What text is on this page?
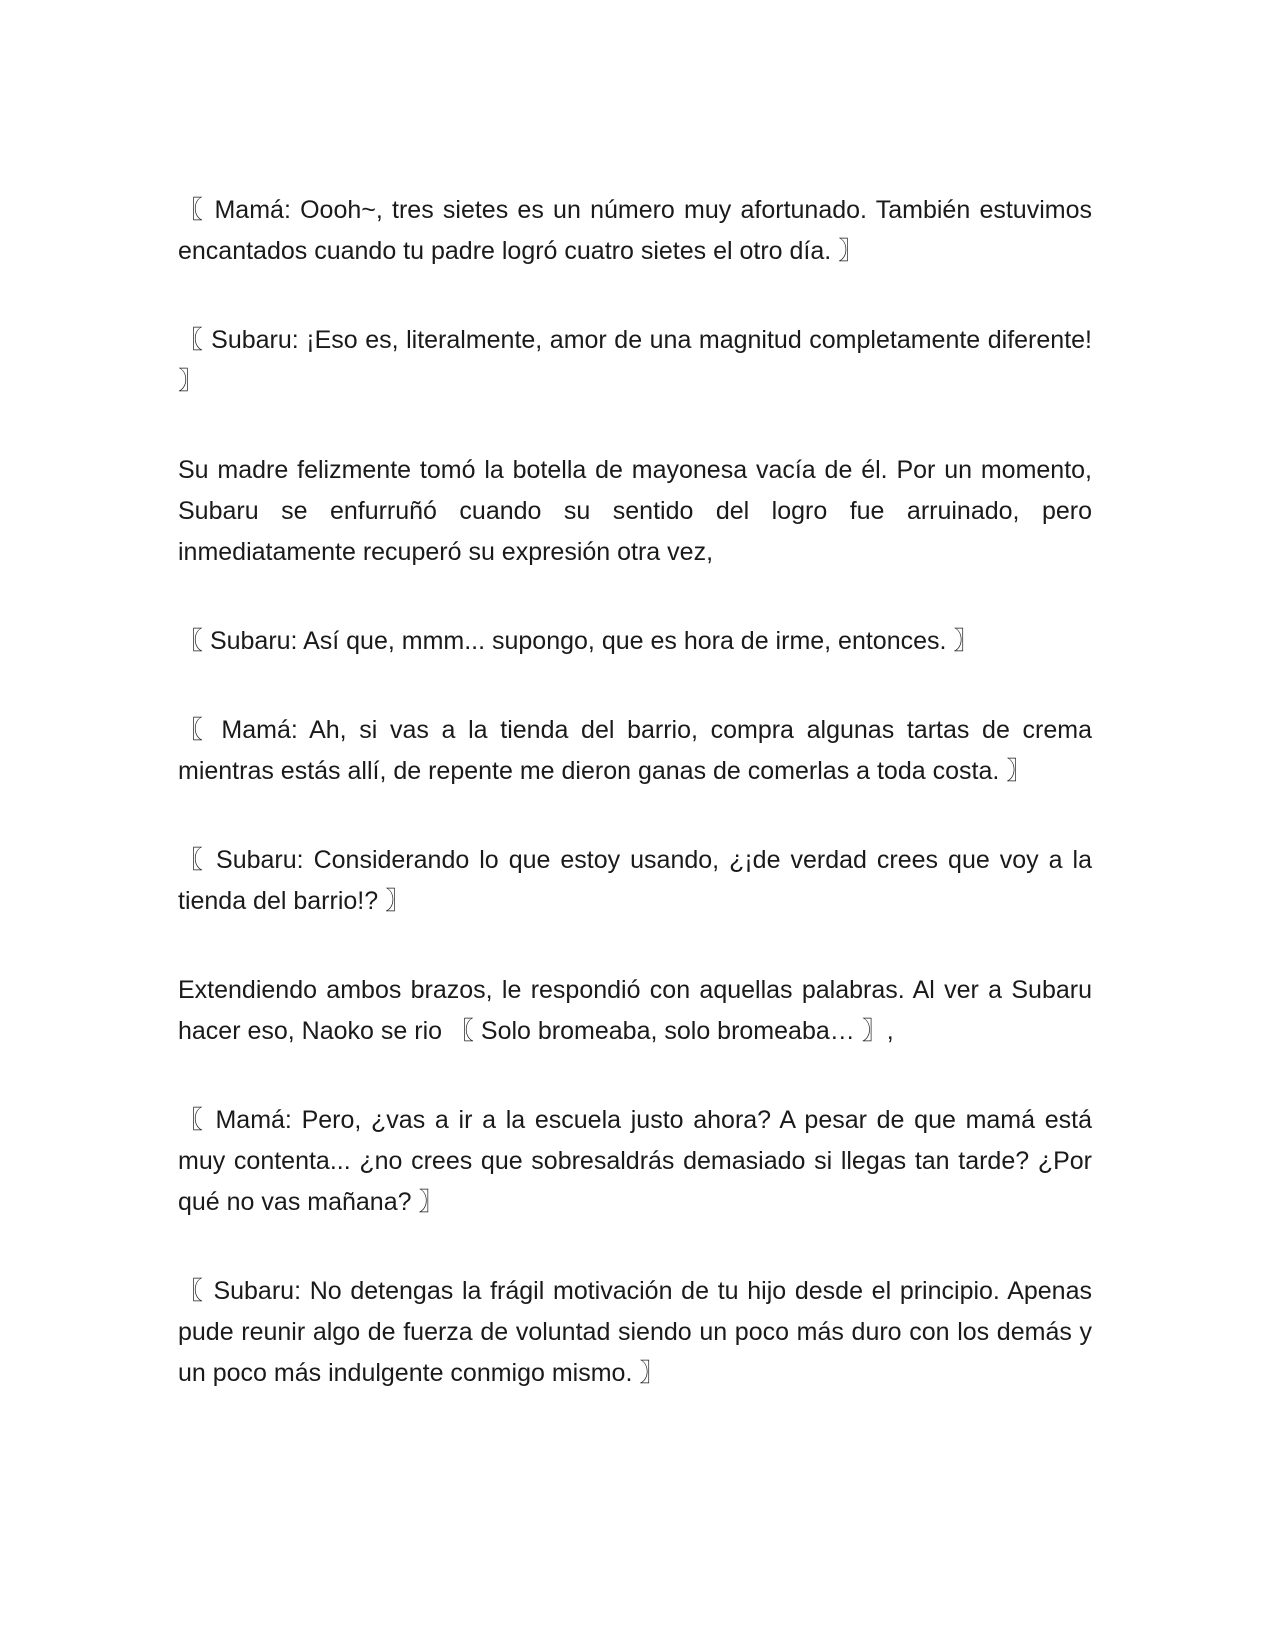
〖 Mamá: Oooh~, tres sietes es un número muy afortunado. También estuvimos encantados cuando tu padre logró cuatro sietes el otro día. 〗

〖 Subaru: ¡Eso es, literalmente, amor de una magnitud completamente diferente! 〗

Su madre felizmente tomó la botella de mayonesa vacía de él. Por un momento, Subaru se enfurruñó cuando su sentido del logro fue arruinado, pero inmediatamente recuperó su expresión otra vez,

〖 Subaru: Así que, mmm... supongo, que es hora de irme, entonces. 〗

〖 Mamá: Ah, si vas a la tienda del barrio, compra algunas tartas de crema mientras estás allí, de repente me dieron ganas de comerlas a toda costa. 〗

〖 Subaru: Considerando lo que estoy usando, ¿¡de verdad crees que voy a la tienda del barrio!? 〗

Extendiendo ambos brazos, le respondió con aquellas palabras. Al ver a Subaru hacer eso, Naoko se rio 〖 Solo bromeaba, solo bromeaba… 〗,

〖 Mamá: Pero, ¿vas a ir a la escuela justo ahora? A pesar de que mamá está muy contenta... ¿no crees que sobresaldrás demasiado si llegas tan tarde? ¿Por qué no vas mañana? 〗

〖 Subaru: No detengas la frágil motivación de tu hijo desde el principio. Apenas pude reunir algo de fuerza de voluntad siendo un poco más duro con los demás y un poco más indulgente conmigo mismo. 〗
